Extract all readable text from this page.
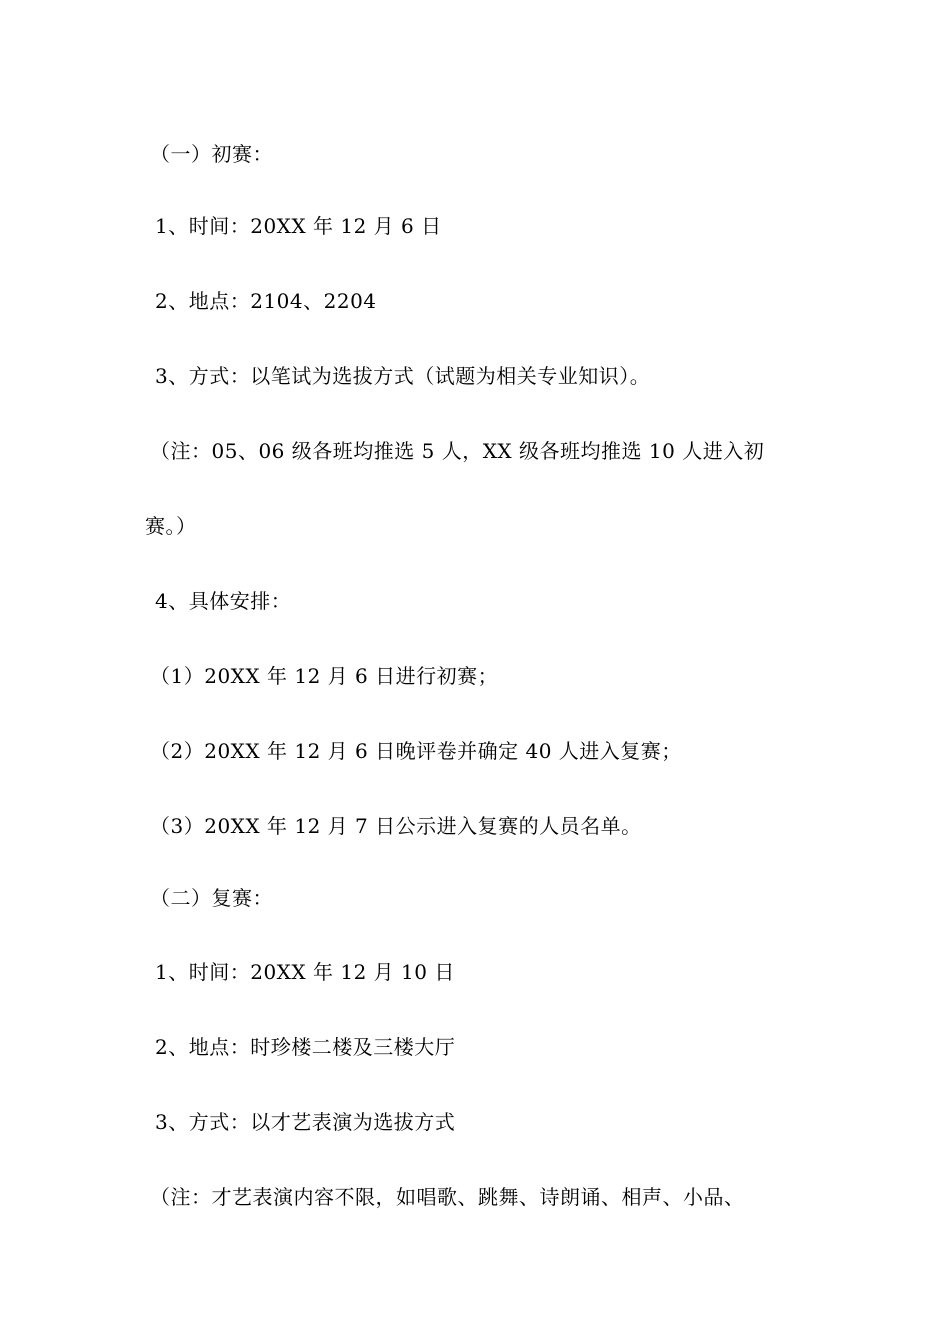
（一）初赛：
1、时间：20XX 年 12 月 6 日
2、地点：2104、2204
3、方式：以笔试为选拔方式（试题为相关专业知识）。
（注：05、06 级各班均推选 5 人，XX 级各班均推选 10 人进入初
赛。）
4、具体安排：
（1）20XX 年 12 月 6 日进行初赛；
（2）20XX 年 12 月 6 日晚评卷并确定 40 人进入复赛；
（3）20XX 年 12 月 7 日公示进入复赛的人员名单。
（二）复赛：
1、时间：20XX 年 12 月 10 日
2、地点：时珍楼二楼及三楼大厅
3、方式：以才艺表演为选拔方式
（注：才艺表演内容不限，如唱歌、跳舞、诗朗诵、相声、小品、
